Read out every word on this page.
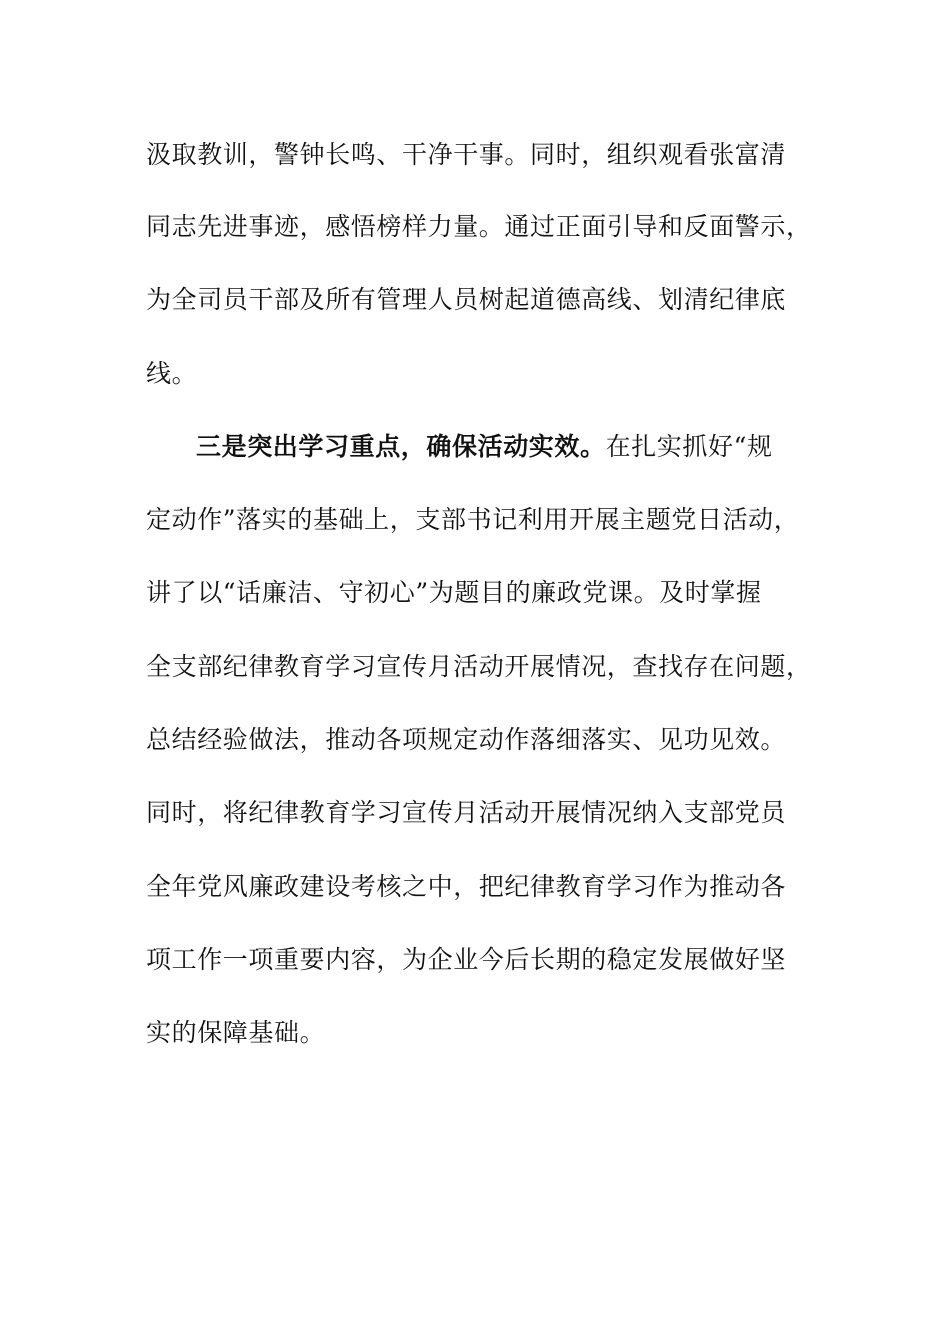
汲取教训，警钟长鸣、干净干事。同时，组织观看张富清
同志先进事迹，感悟榜样力量。通过正面引导和反面警示，
为全司员干部及所有管理人员树起道德高线、划清纪律底
线。
三是突出学习重点，确保活动实效。在扎实抓好“规
定动作”落实的基础上，支部书记利用开展主题党日活动，
讲了以“话廉洁、守初心”为题目的廉政党课。及时掌握
全支部纪律教育学习宣传月活动开展情况，查找存在问题，
总结经验做法，推动各项规定动作落细落实、见功见效。
同时，将纪律教育学习宣传月活动开展情况纳入支部党员
全年党风廉政建设考核之中，把纪律教育学习作为推动各
项工作一项重要内容，为企业今后长期的稳定发展做好坚
实的保障基础。
